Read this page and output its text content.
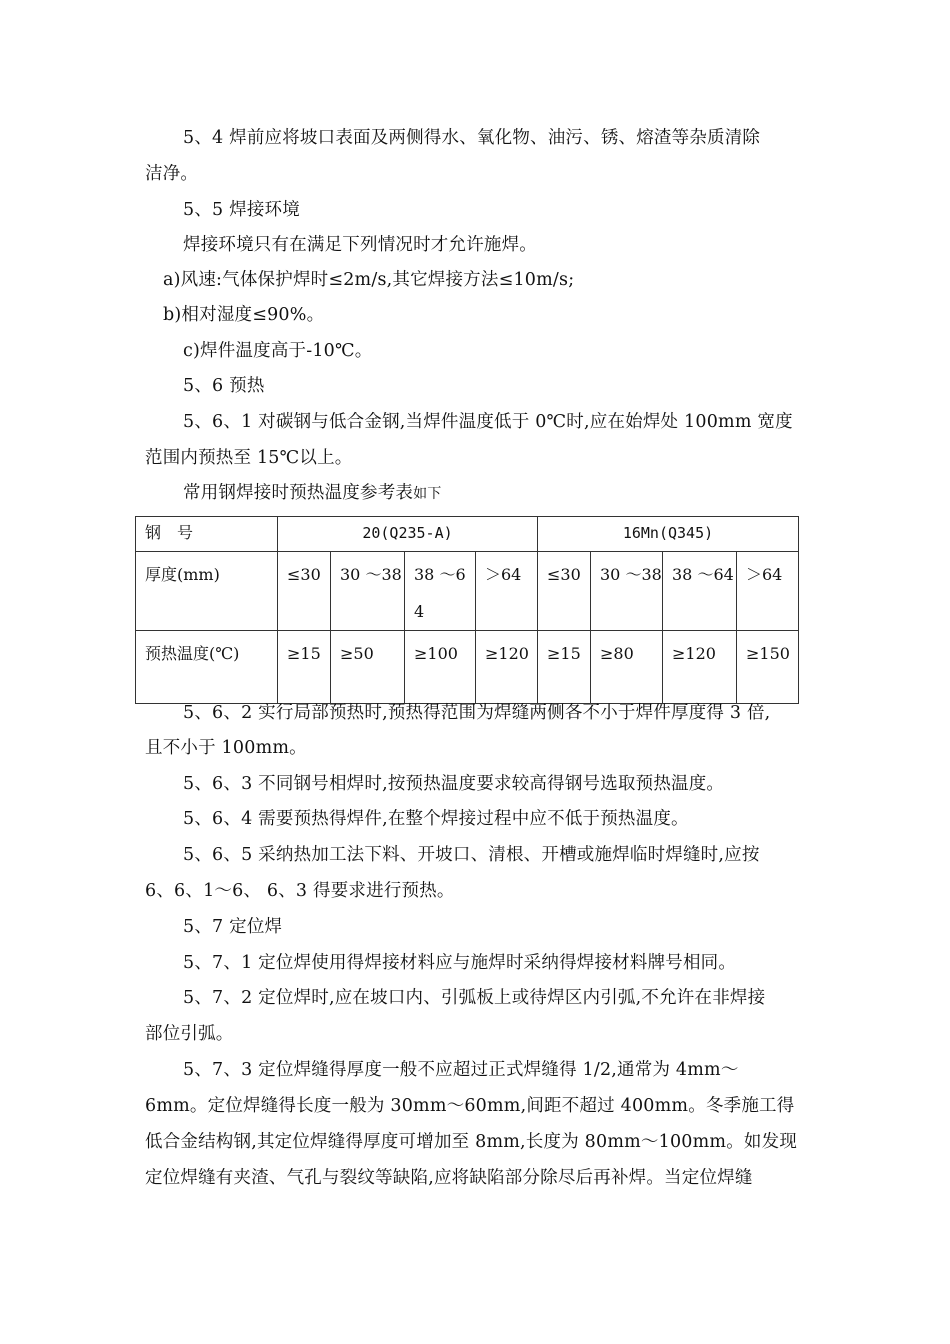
5、4 焊前应将坡口表面及两侧得水、氧化物、油污、锈、熔渣等杂质清除
洁净。
5、5 焊接环境
焊接环境只有在满足下列情况时才允许施焊。
a)风速:气体保护焊时≤2m/s,其它焊接方法≤10m/s;
b)相对湿度≤90%。
c)焊件温度高于-10℃。
5、6 预热
5、6、1 对碳钢与低合金钢,当焊件温度低于 0℃时,应在始焊处 100mm 宽度
范围内预热至 15℃以上。
常用钢焊接时预热温度参考表如下
钢　号	20(Q235-A)				16Mn(Q345)			
厚度(mm)	≤30	30 ～38	38 ～64	＞64	≤30	30 ～38	38 ～64	＞64
预热温度(℃)	≥15	≥50	≥100	≥120	≥15	≥80	≥120	≥150
5、6、2 实行局部预热时,预热得范围为焊缝两侧各不小于焊件厚度得 3 倍,
且不小于 100mm。
5、6、3 不同钢号相焊时,按预热温度要求较高得钢号选取预热温度。
5、6、4 需要预热得焊件,在整个焊接过程中应不低于预热温度。
5、6、5 采纳热加工法下料、开坡口、清根、开槽或施焊临时焊缝时,应按
6、6、1～6、 6、3 得要求进行预热。
5、7 定位焊
5、7、1 定位焊使用得焊接材料应与施焊时采纳得焊接材料牌号相同。
5、7、2 定位焊时,应在坡口内、引弧板上或待焊区内引弧,不允许在非焊接
部位引弧。
5、7、3 定位焊缝得厚度一般不应超过正式焊缝得 1/2,通常为 4mm～
6mm。定位焊缝得长度一般为 30mm～60mm,间距不超过 400mm。冬季施工得
低合金结构钢,其定位焊缝得厚度可增加至 8mm,长度为 80mm～100mm。如发现
定位焊缝有夹渣、气孔与裂纹等缺陷,应将缺陷部分除尽后再补焊。当定位焊缝
